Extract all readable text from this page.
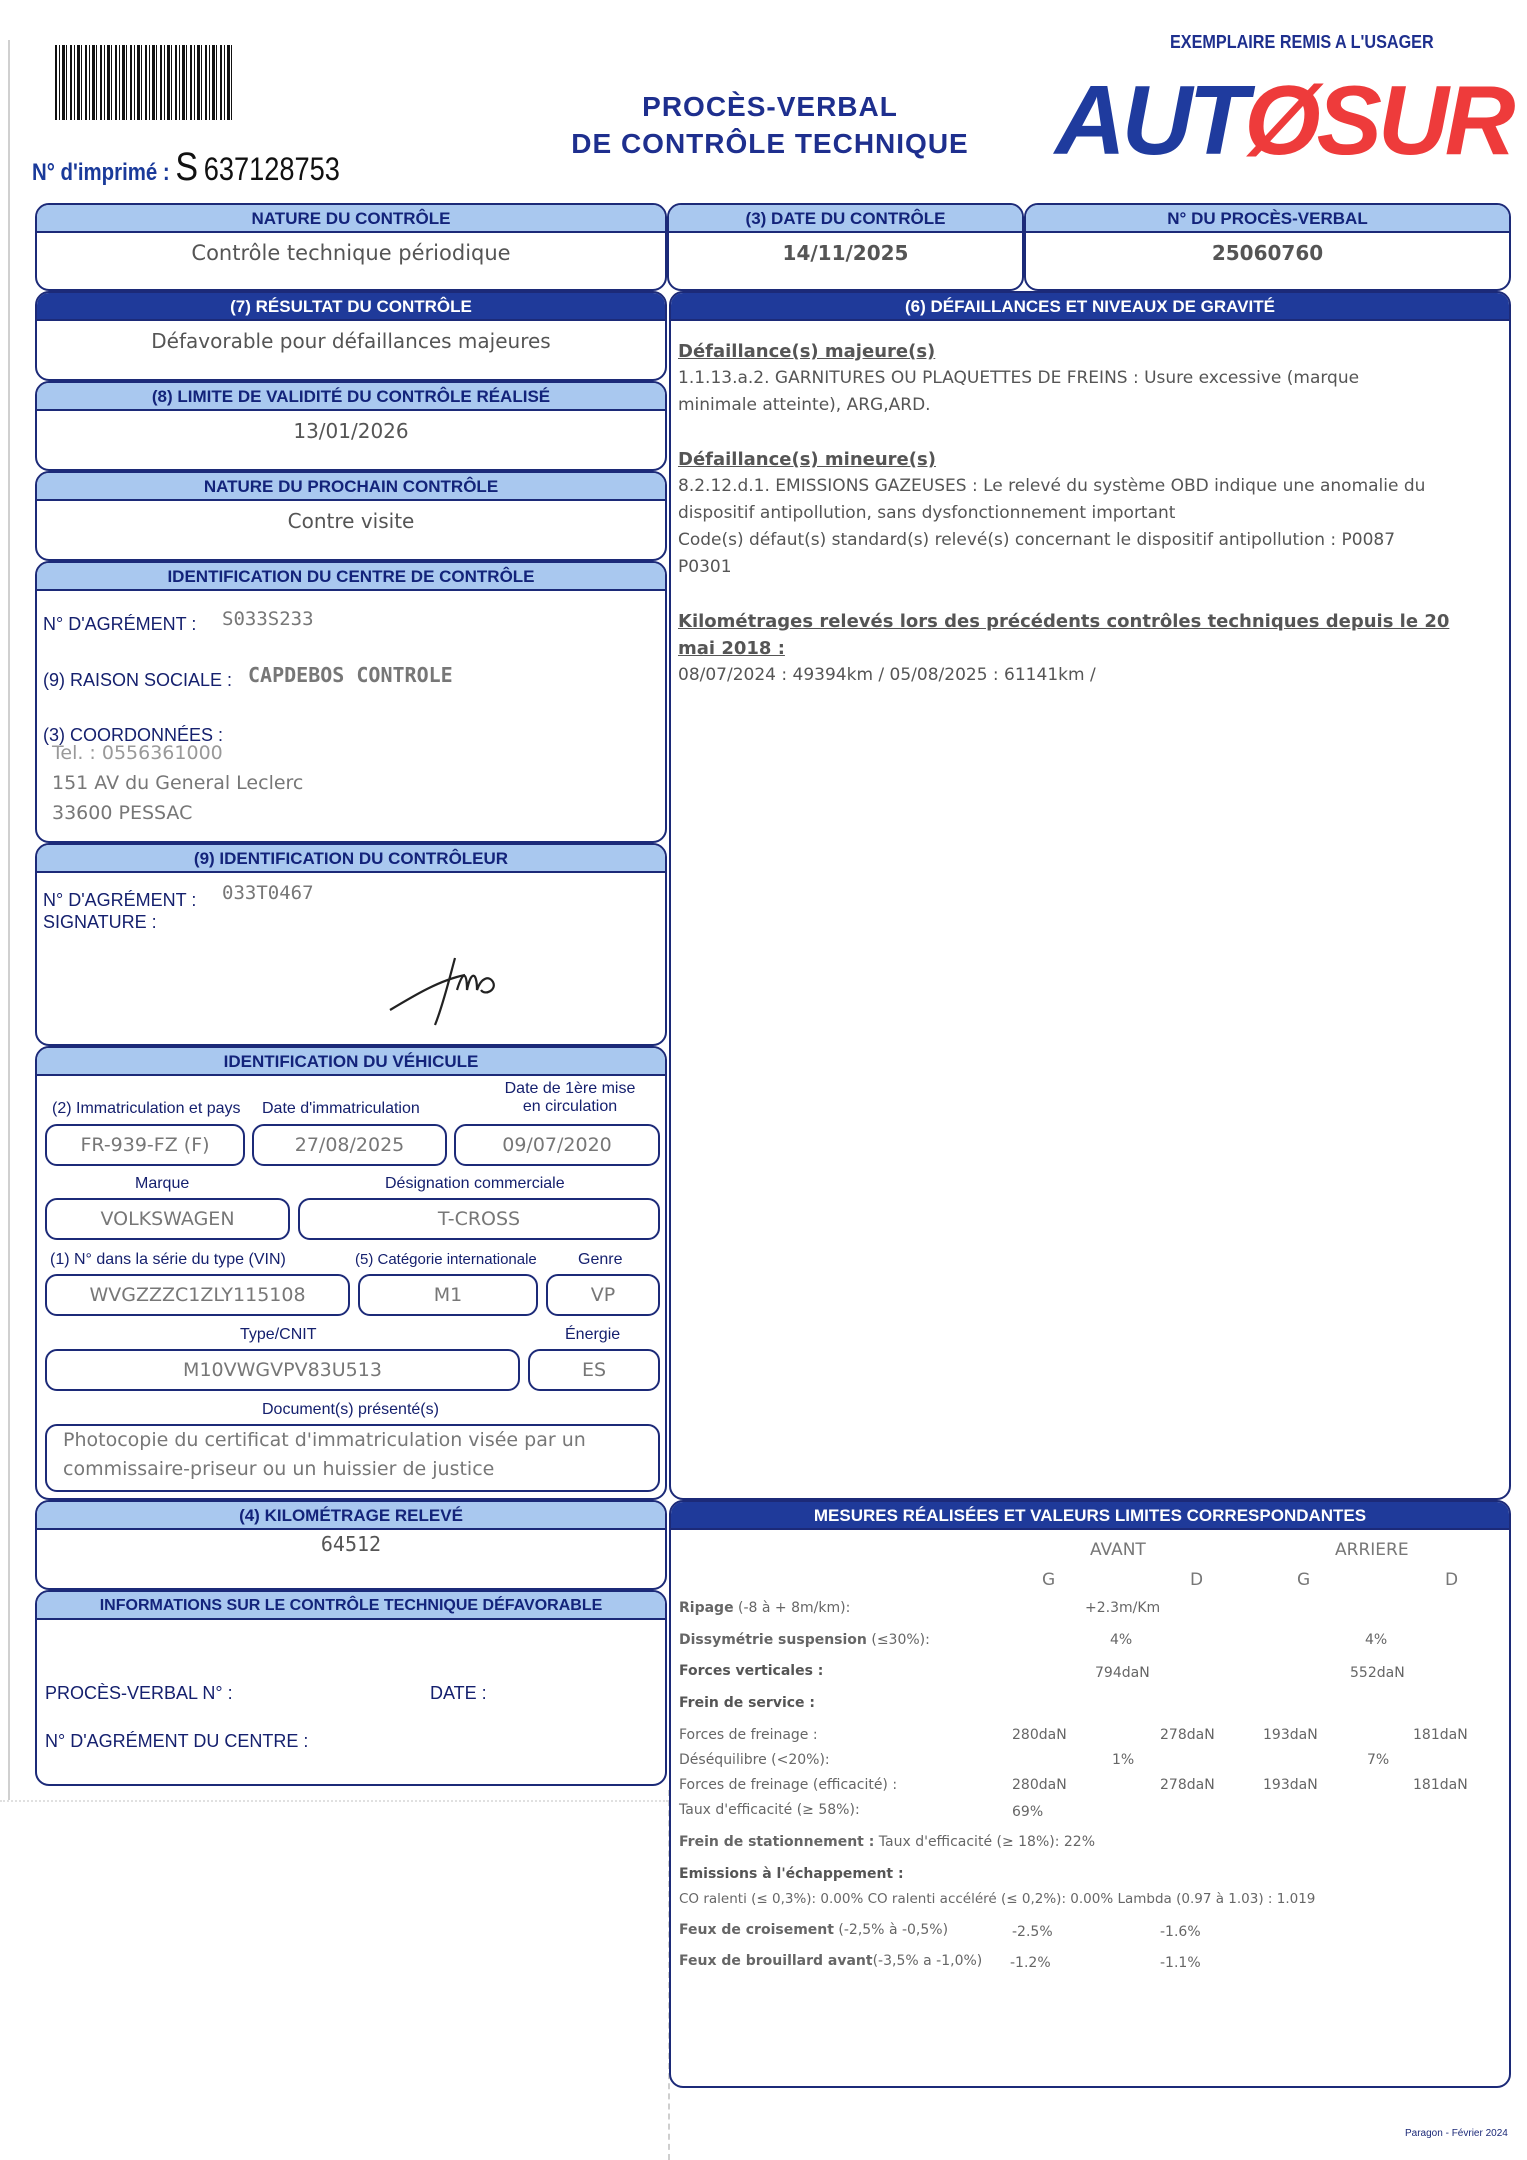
N° d'imprimé : S 637128753
PROCÈS-VERBAL
DE CONTRÔLE TECHNIQUE
EXEMPLAIRE REMIS A L'USAGER
AUTØSUR
NATURE DU CONTRÔLE
Contrôle technique périodique
(3) DATE DU CONTRÔLE
14/11/2025
N° DU PROCÈS-VERBAL
25060760
(7) RÉSULTAT DU CONTRÔLE
Défavorable pour défaillances majeures
(8) LIMITE DE VALIDITÉ DU CONTRÔLE RÉALISÉ
13/01/2026
NATURE DU PROCHAIN CONTRÔLE
Contre visite
IDENTIFICATION DU CENTRE DE CONTRÔLE
N° D'AGRÉMENT : S033S233
(9) RAISON SOCIALE : CAPDEBOS CONTROLE
(3) COORDONNÉES :
Tel. : 0556361000
151 AV du General Leclerc
33600 PESSAC
(9) IDENTIFICATION DU CONTRÔLEUR
N° D'AGRÉMENT : 033T0467
SIGNATURE :
IDENTIFICATION DU VÉHICULE
(2) Immatriculation et pays Date d'immatriculation
Date de 1ère mise
en circulation
FR-939-FZ (F)	27/08/2025	09/07/2020
Marque	Désignation commerciale
VOLKSWAGEN	T-CROSS
(1) N° dans la série du type (VIN)	(5) Catégorie internationale	Genre
WVGZZZC1ZLY115108	M1	VP
Type/CNIT	Énergie
M10VWGVPV83U513	ES
Document(s) présenté(s)
Photocopie du certificat d'immatriculation visée par un
commissaire-priseur ou un huissier de justice
(4) KILOMÉTRAGE RELEVÉ
64512
INFORMATIONS SUR LE CONTRÔLE TECHNIQUE DÉFAVORABLE
PROCÈS-VERBAL N° :	DATE :
N° D'AGRÉMENT DU CENTRE :
(6) DÉFAILLANCES ET NIVEAUX DE GRAVITÉ
Défaillance(s) majeure(s)
1.1.13.a.2. GARNITURES OU PLAQUETTES DE FREINS : Usure excessive (marque
minimale atteinte), ARG,ARD.
Défaillance(s) mineure(s)
8.2.12.d.1. EMISSIONS GAZEUSES : Le relevé du système OBD indique une anomalie du
dispositif antipollution, sans dysfonctionnement important
Code(s) défaut(s) standard(s) relevé(s) concernant le dispositif antipollution : P0087
P0301
Kilométrages relevés lors des précédents contrôles techniques depuis le 20
mai 2018 :
08/07/2024 : 49394km / 05/08/2025 : 61141km /
MESURES RÉALISÉES ET VALEURS LIMITES CORRESPONDANTES
AVANT	ARRIERE
G	D	G	D
Ripage (-8 à + 8m/km):	+2.3m/Km
Dissymétrie suspension (≤30%):	4%	4%
Forces verticales :	794daN	552daN
Frein de service :
Forces de freinage :	280daN	278daN	193daN	181daN
Déséquilibre (<20%):	1%	7%
Forces de freinage (efficacité) :	280daN	278daN	193daN	181daN
Taux d'efficacité (≥ 58%):	69%
Frein de stationnement : Taux d'efficacité (≥ 18%): 22%
Emissions à l'échappement :
CO ralenti (≤ 0,3%): 0.00% CO ralenti accéléré (≤ 0,2%): 0.00% Lambda (0.97 à 1.03) : 1.019
Feux de croisement (-2,5% à -0,5%)	-2.5%	-1.6%
Feux de brouillard avant(-3,5% a -1,0%) -1.2%	-1.1%
Paragon - Février 2024
